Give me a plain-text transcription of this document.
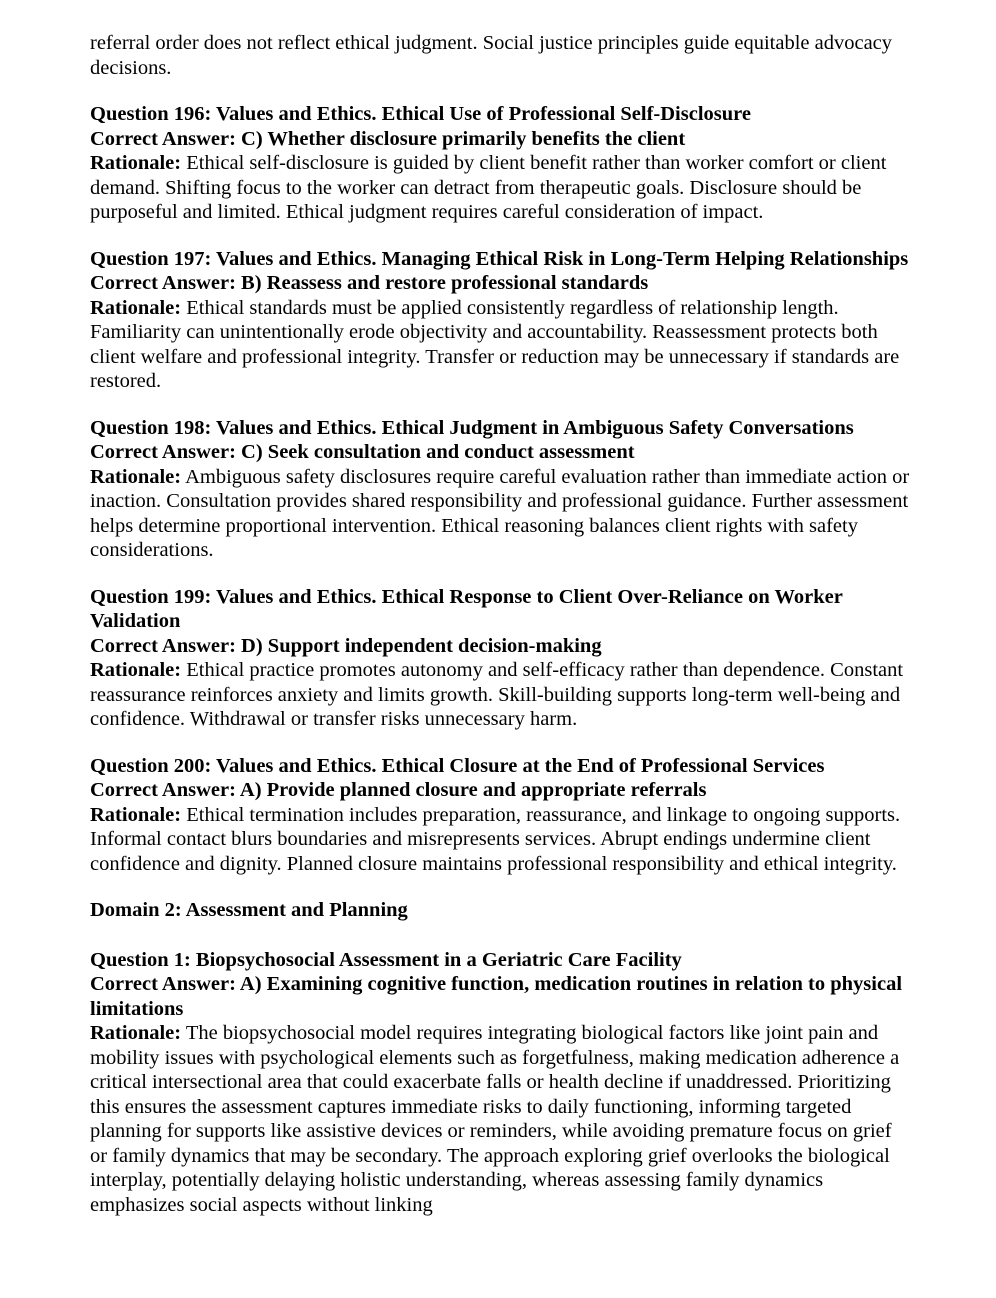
referral order does not reflect ethical judgment. Social justice principles guide equitable advocacy decisions.

Question 196: Values and Ethics. Ethical Use of Professional Self-Disclosure

Correct Answer: C) Whether disclosure primarily benefits the client

Rationale: Ethical self-disclosure is guided by client benefit rather than worker comfort or client demand. Shifting focus to the worker can detract from therapeutic goals. Disclosure should be purposeful and limited. Ethical judgment requires careful consideration of impact.

Question 197: Values and Ethics. Managing Ethical Risk in Long-Term Helping Relationships

Correct Answer: B) Reassess and restore professional standards

Rationale: Ethical standards must be applied consistently regardless of relationship length. Familiarity can unintentionally erode objectivity and accountability. Reassessment protects both client welfare and professional integrity. Transfer or reduction may be unnecessary if standards are restored.

Question 198: Values and Ethics. Ethical Judgment in Ambiguous Safety Conversations

Correct Answer: C) Seek consultation and conduct assessment

Rationale: Ambiguous safety disclosures require careful evaluation rather than immediate action or inaction. Consultation provides shared responsibility and professional guidance. Further assessment helps determine proportional intervention. Ethical reasoning balances client rights with safety considerations.

Question 199: Values and Ethics. Ethical Response to Client Over-Reliance on Worker Validation

Correct Answer: D) Support independent decision-making

Rationale: Ethical practice promotes autonomy and self-efficacy rather than dependence. Constant reassurance reinforces anxiety and limits growth. Skill-building supports long-term well-being and confidence. Withdrawal or transfer risks unnecessary harm.

Question 200: Values and Ethics. Ethical Closure at the End of Professional Services

Correct Answer: A) Provide planned closure and appropriate referrals

Rationale: Ethical termination includes preparation, reassurance, and linkage to ongoing supports. Informal contact blurs boundaries and misrepresents services. Abrupt endings undermine client confidence and dignity. Planned closure maintains professional responsibility and ethical integrity.

Domain 2: Assessment and Planning

Question 1: Biopsychosocial Assessment in a Geriatric Care Facility

Correct Answer: A) Examining cognitive function, medication routines in relation to physical limitations

Rationale: The biopsychosocial model requires integrating biological factors like joint pain and mobility issues with psychological elements such as forgetfulness, making medication adherence a critical intersectional area that could exacerbate falls or health decline if unaddressed. Prioritizing this ensures the assessment captures immediate risks to daily functioning, informing targeted planning for supports like assistive devices or reminders, while avoiding premature focus on grief or family dynamics that may be secondary. The approach exploring grief overlooks the biological interplay, potentially delaying holistic understanding, whereas assessing family dynamics emphasizes social aspects without linking
